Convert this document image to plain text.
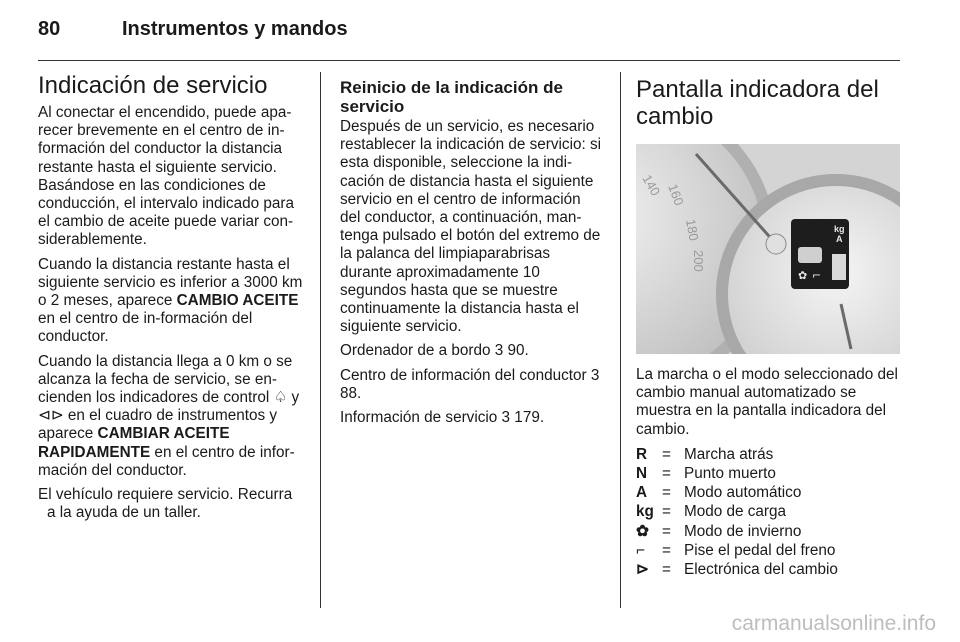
80	Instrumentos y mandos
Indicación de servicio

Al conectar el encendido, puede apa-recer brevemente en el centro de in-formación del conductor la distancia restante hasta el siguiente servicio. Basándose en las condiciones de conducción, el intervalo indicado para el cambio de aceite puede variar con-siderablemente.

Cuando la distancia restante hasta el siguiente servicio es inferior a 3000 km o 2 meses, aparece CAMBIO ACEITE en el centro de in-formación del conductor.

Cuando la distancia llega a 0 km o se alcanza la fecha de servicio, se en-cienden los indicadores de control ♤ y ⊲⊳ en el cuadro de instrumentos y aparece CAMBIAR ACEITE RAPIDAMENTE en el centro de infor-mación del conductor.

El vehículo requiere servicio. Recurra a la ayuda de un taller.

Reinicio de la indicación de servicio

Después de un servicio, es necesario restablecer la indicación de servicio: si esta disponible, seleccione la indi-cación de distancia hasta el siguiente servicio en el centro de información del conductor, a continuación, man-tenga pulsado el botón del extremo de la palanca del limpiaparabrisas durante aproximadamente 10 segundos hasta que se muestre continuamente la distancia hasta el siguiente servicio.

Ordenador de a bordo 3 90.

Centro de información del conductor 3 88.

Información de servicio 3 179.

Pantalla indicadora del cambio
kg
A
✿ ⌐
140 160
180
200

La marcha o el modo seleccionado del cambio manual automatizado se muestra en la pantalla indicadora del cambio.

R	=	Marcha atrás
N	=	Punto muerto
A	=	Modo automático
kg	=	Modo de carga
✿	=	Modo de invierno
⌐	=	Pise el pedal del freno
⊳	=	Electrónica del cambio
carmanualsonline.info
